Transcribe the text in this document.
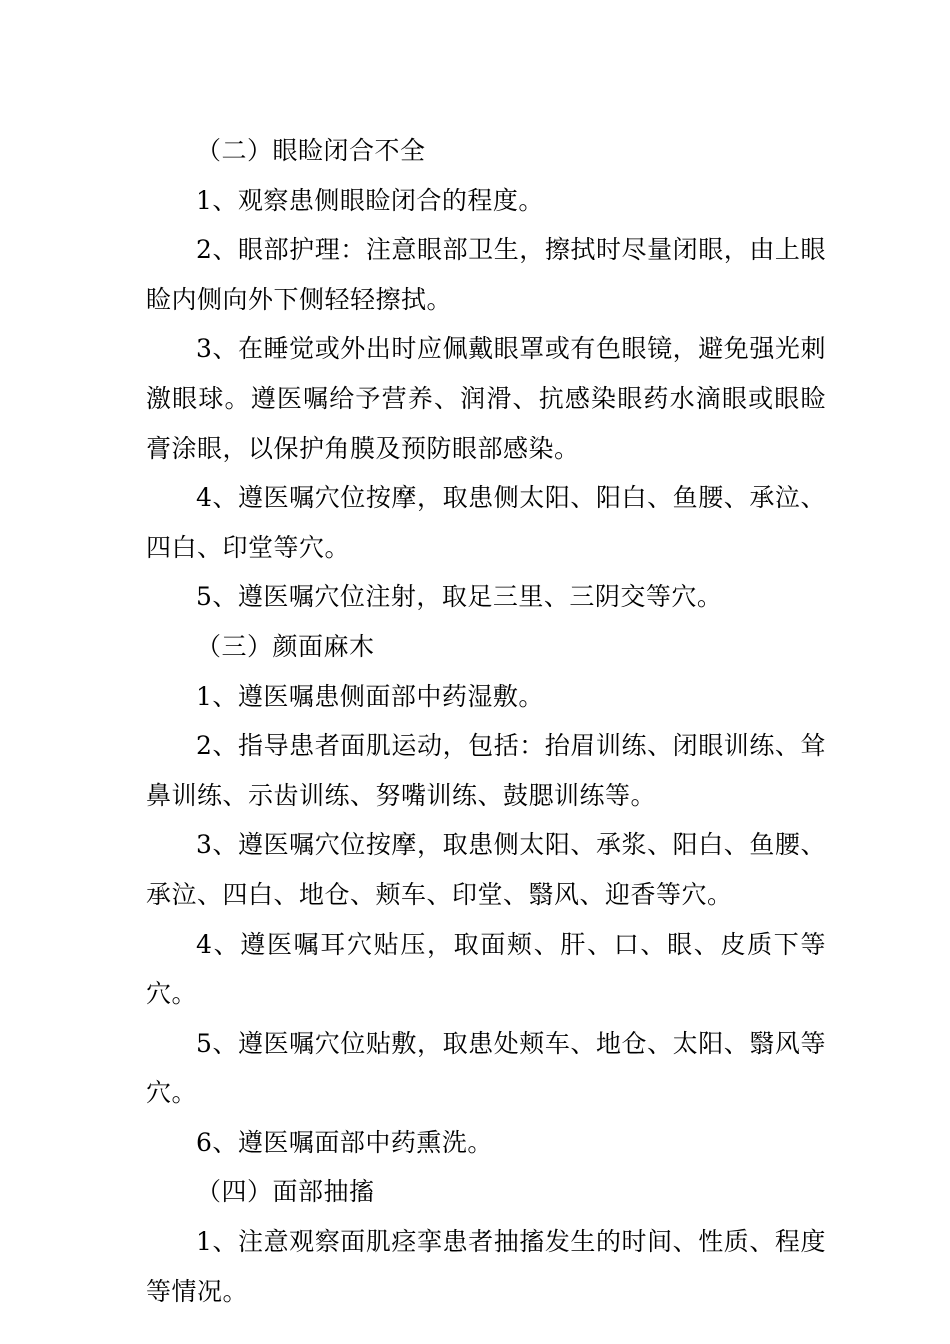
（二）眼睑闭合不全

1、观察患侧眼睑闭合的程度。

2、眼部护理：注意眼部卫生，擦拭时尽量闭眼，由上眼睑内侧向外下侧轻轻擦拭。

3、在睡觉或外出时应佩戴眼罩或有色眼镜，避免强光刺激眼球。遵医嘱给予营养、润滑、抗感染眼药水滴眼或眼睑膏涂眼，以保护角膜及预防眼部感染。

4、遵医嘱穴位按摩，取患侧太阳、阳白、鱼腰、承泣、四白、印堂等穴。

5、遵医嘱穴位注射，取足三里、三阴交等穴。

（三）颜面麻木

1、遵医嘱患侧面部中药湿敷。

2、指导患者面肌运动，包括：抬眉训练、闭眼训练、耸鼻训练、示齿训练、努嘴训练、鼓腮训练等。

3、遵医嘱穴位按摩，取患侧太阳、承浆、阳白、鱼腰、承泣、四白、地仓、颊车、印堂、翳风、迎香等穴。

4、遵医嘱耳穴贴压，取面颊、肝、口、眼、皮质下等穴。

5、遵医嘱穴位贴敷，取患处颊车、地仓、太阳、翳风等穴。

6、遵医嘱面部中药熏洗。

（四）面部抽搐

1、注意观察面肌痉挛患者抽搐发生的时间、性质、程度等情况。
